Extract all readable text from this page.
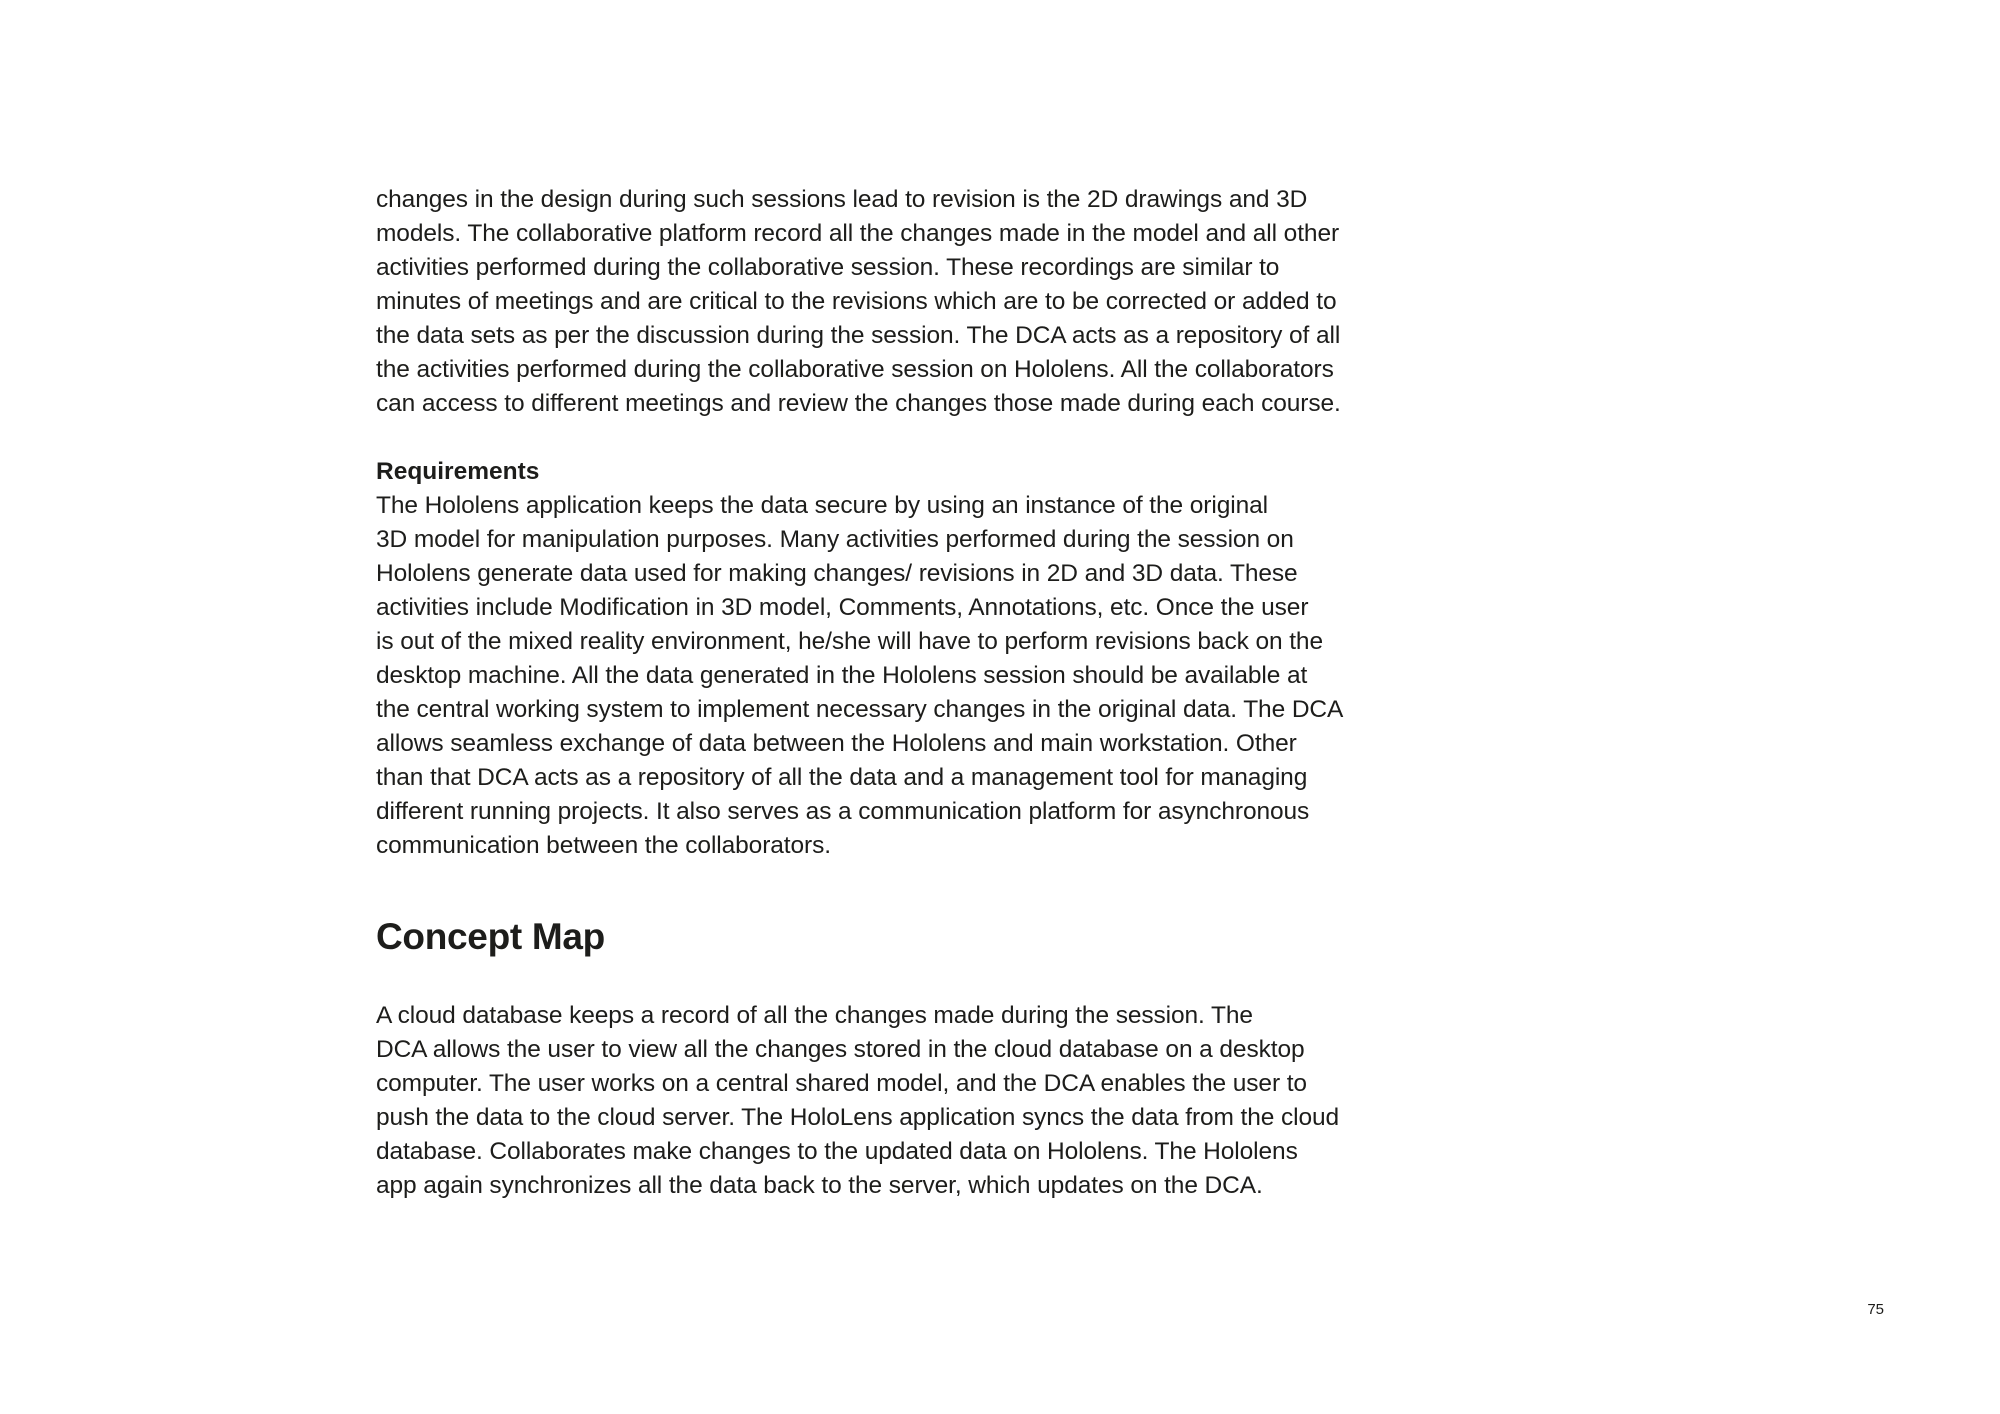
changes in the design during such sessions lead to revision is the 2D drawings and 3D
models. The collaborative platform record all the changes made in the model and all other
activities performed during the collaborative session. These recordings are similar to
minutes of meetings and are critical to the revisions which are to be corrected or added to
the data sets as per the discussion during the session. The DCA acts as a repository of all
the activities performed during the collaborative session on Hololens. All the collaborators
can access to different meetings and review the changes those made during each course.
Requirements
The Hololens application keeps the data secure by using an instance of the original
3D model for manipulation purposes. Many activities performed during the session on
Hololens generate data used for making changes/ revisions in 2D and 3D data. These
activities include Modification in 3D model, Comments, Annotations, etc. Once the user
is out of the mixed reality environment, he/she will have to perform revisions back on the
desktop machine. All the data generated in the Hololens session should be available at
the central working system to implement necessary changes in the original data. The DCA
allows seamless exchange of data between the Hololens and main workstation. Other
than that DCA acts as a repository of all the data and a management tool for managing
different running projects. It also serves as a communication platform for asynchronous
communication between the collaborators.
Concept Map
A cloud database keeps a record of all the changes made during the session. The
DCA allows the user to view all the changes stored in the cloud database on a desktop
computer. The user works on a central shared model, and the DCA enables the user to
push the data to the cloud server. The HoloLens application syncs the data from the cloud
database. Collaborates make changes to the updated data on Hololens. The Hololens
app again synchronizes all the data back to the server, which updates on the DCA.
75
